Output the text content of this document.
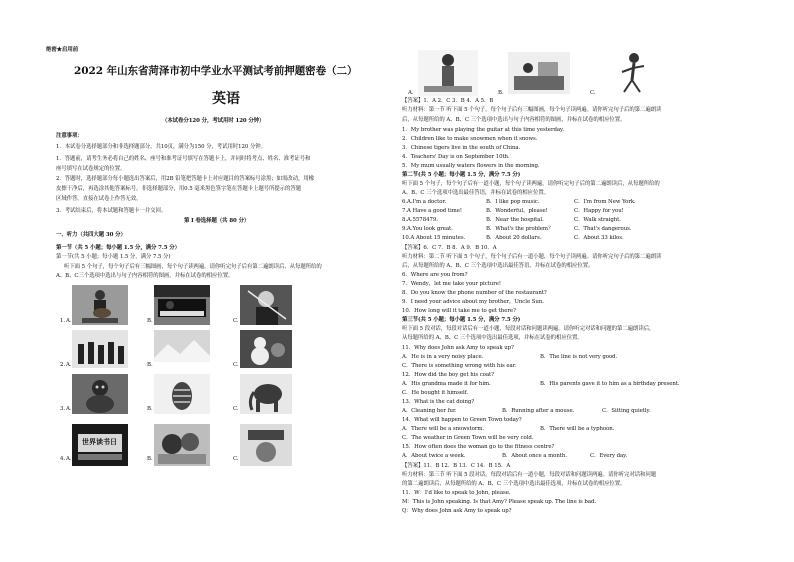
绝密★启用前
2022 年山东省菏泽市初中学业水平测试考前押题密卷（二）
英语
（本试卷分120 分，考试用时 120 分钟）
注意事项：
1．本试卷分选择题部分和非选择题部分，共10页，满分为150 分，考试用时120 分钟。
1．答题前，请考生务必将自己的姓名、座号和准考证号填写在答题卡上，并同时将考点、姓名、准考证号和
座号填写在试卷规定的位置。
2．答题时，选择题部分每小题选出答案后，用2B 铅笔把答题卡上对应题目的答案标号涂黑；如需改动，用橡
皮擦干净后，再选涂其他答案标号。非选择题部分，用0.5 毫米黑色签字笔在答题卡上题号所提示的答题
区域作答。直接在试卷上作答无效。
3．考试结束后，将本试题和答题卡一并交回。
第 I 卷选择题（共 80 分）
一、听力（共四大题 30 分）
第一节（共 5 小题；每小题 1.5 分，满分 7.5 分）
第一节(共 5 小题；每小题 1.5 分，满分 7.5 分)
听下面 5 个句子，每个句子后有三幅图画，每个句子读两遍。请你听完句子后有第二遍朗读后，从每题所给的
A、B、C三个选项中选出与句子内容相符的图画，并标在试卷的相应位置。
1. A.	B.	C.
2. A.	B.	C.
3. A.	B.	C.
4. A.
世界读书日
B.	C.
A.	B.	C.
【答案】1．A 2．C 3．B 4．A 5．B
听力材料：第一节 听下面 5 个句子，每个句子后有三幅图画，每个句子读两遍。请你听完句子后的第二遍朗读
后，从每题所给的 A、B、C 三个选项中选出与句子内容相符的图画，并标在试卷的相应位置。
1．My brother was playing the guitar at this time yesterday.
2．Children like to make snowmen when it snows.
3．Chinese tigers live in the south of China.
4．Teachers' Day is on September 10th.
5．My mum usually waters flowers in the morning.
第二节(共 5 小题；每小题 1.5 分，满分 7.5 分)
听下面 5 个句子，每个句子后有一道小题，每个句子读两遍。请你听完句子后的第二遍朗读后，从每题所给的
A、B、C 三个选项中选出最佳答语，并标在试卷的相应位置。
6.A.I'm a doctor.	B．I like pop music.	C．I'm from New York.
7.A Have a good time!	B．Wonderful，please!	C．Happy for you!
8.A.5578479.	B．Near the hospital.	C．Walk straight.
9.A.You look great.	B．What's the problem？	C．That's dangerous.
10.A About 15 minutes.	B．About 20 dollars.	C．About 33 kilos.
【答案】6．C 7．B 8．A 9．B 10．A
听力材料：第二节 听下面 5 个句子，每个句子后有一道小题，每个句子读两遍。请你听完句子后的第二遍朗读
后，从每题所给的 A、B、C 三个选项中选出最佳答语，并标在试卷的相应位置。
6．Where are you from?
7．Wendy，let me take your picture!
8．Do you know the phone number of the restaurant?
9．I need your advice about my brother，Uncle Sun.
10．How long will it take me to get there?
第三节(共 5 小题；每小题 1.5 分，满分 7.5 分)
听下面 5 段对话，每段对话后有一道小题，每段对话和问题读两遍。请你听完对话和问题的第二遍朗读后，
从每题所给的 A、B、C 三个选项中选出最佳选项，并标在试卷的相应位置。
11．Why does John ask Amy to speak up?
A．He is in a very noisy place.	B．The line is not very good.
C．There is something wrong with his ear.
12．How did the boy get his coat?
A．His grandma made it for him.	B．His parents gave it to him as a birthday present.
C．He bought it himself.
13．What is the cat doing?
A．Cleaning her fur.	B．Running after a mouse.	C．Sitting quietly.
14．What will happen to Green Town today?
A．There will be a snowstorm.	B．There will be a typhoon.
C．The weather in Green Town will be very cold.
15．How often does the woman go to the fitness centre?
A．About twice a week.	B．About once a month.	C．Every day.
【答案】11．B 12．B 13．C 14．B 15．A
听力材料：第三节 听下面 5 段对话，每段对话后有一道小题，每段对话和问题读两遍。请你听完对话和问题
的第二遍朗读后，从每题所给的 A、B、C 三个选项中选出最佳选项，并标在试卷的相应位置。
11．W：I'd like to speak to John, please.
M：This is John speaking. Is that Amy? Please speak up. The line is bad.
Q：Why does John ask Amy to speak up?
